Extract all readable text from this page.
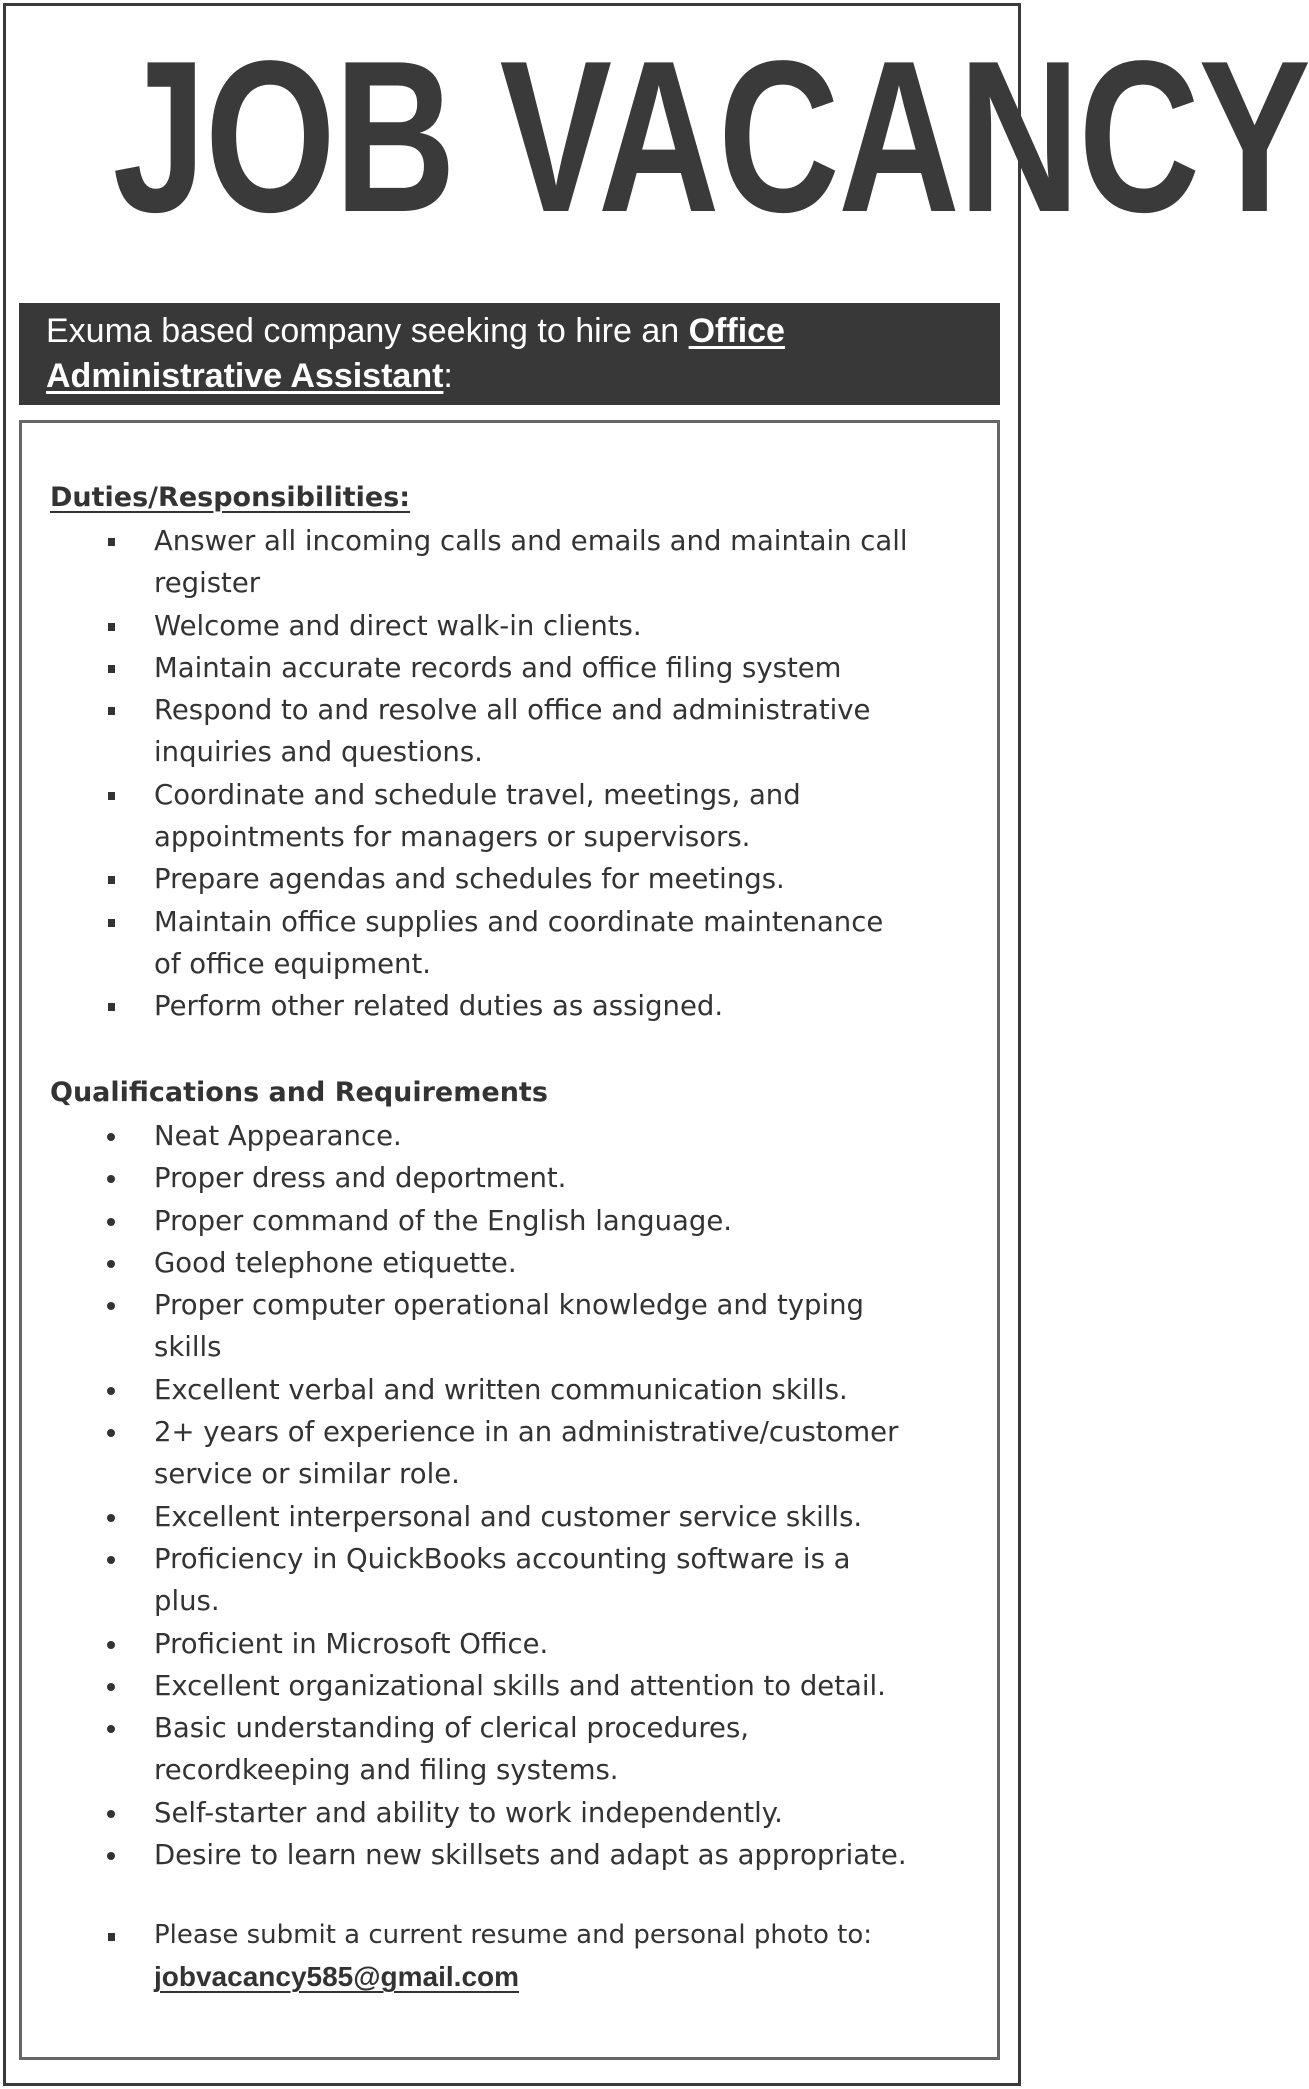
JOB VACANCY
Exuma based company seeking to hire an Office Administrative Assistant:
Duties/Responsibilities:
Answer all incoming calls and emails and maintain call register
Welcome and direct walk-in clients.
Maintain accurate records and office filing system
Respond to and resolve all office and administrative inquiries and questions.
Coordinate and schedule travel, meetings, and appointments for managers or supervisors.
Prepare agendas and schedules for meetings.
Maintain office supplies and coordinate maintenance of office equipment.
Perform other related duties as assigned.
Qualifications and Requirements
Neat Appearance.
Proper dress and deportment.
Proper command of the English language.
Good telephone etiquette.
Proper computer operational knowledge and typing skills
Excellent verbal and written communication skills.
2+ years of experience in an administrative/customer service or similar role.
Excellent interpersonal and customer service skills.
Proficiency in QuickBooks accounting software is a plus.
Proficient in Microsoft Office.
Excellent organizational skills and attention to detail.
Basic understanding of clerical procedures, recordkeeping and filing systems.
Self-starter and ability to work independently.
Desire to learn new skillsets and adapt as appropriate.
Please submit a current resume and personal photo to:
jobvacancy585@gmail.com
